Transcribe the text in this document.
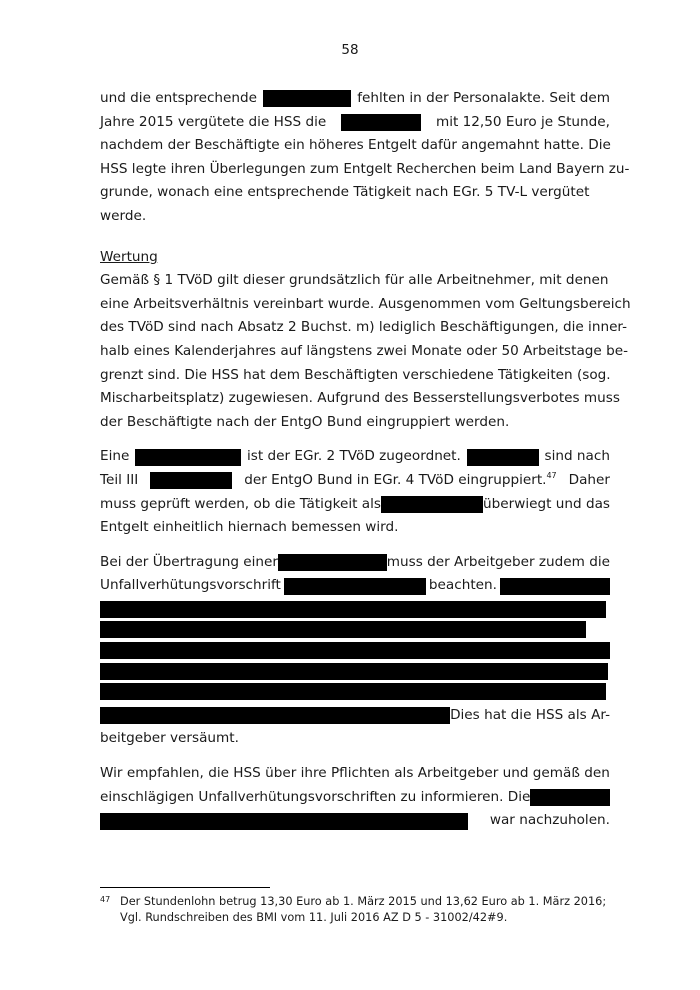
58
und die entsprechende	fehlten in der Personalakte. Seit dem
Jahre 2015 vergütete die HSS die	mit 12,50 Euro je Stunde,
nachdem der Beschäftigte ein höheres Entgelt dafür angemahnt hatte. Die
HSS legte ihren Überlegungen zum Entgelt Recherchen beim Land Bayern zu-
grunde, wonach eine entsprechende Tätigkeit nach EGr. 5 TV-L vergütet
werde.
Wertung
Gemäß § 1 TVöD gilt dieser grundsätzlich für alle Arbeitnehmer, mit denen
eine Arbeitsverhältnis vereinbart wurde. Ausgenommen vom Geltungsbereich
des TVöD sind nach Absatz 2 Buchst. m) lediglich Beschäftigungen, die inner-
halb eines Kalenderjahres auf längstens zwei Monate oder 50 Arbeitstage be-
grenzt sind. Die HSS hat dem Beschäftigten verschiedene Tätigkeiten (sog.
Mischarbeitsplatz) zugewiesen. Aufgrund des Besserstellungsverbotes muss
der Beschäftigte nach der EntgO Bund eingruppiert werden.
Eine	ist der EGr. 2 TVöD zugeordnet.	sind nach
Teil III	der EntgO Bund in EGr. 4 TVöD eingruppiert.$^{47}$ Daher
muss geprüft werden, ob die Tätigkeit als	überwiegt und das
Entgelt einheitlich hiernach bemessen wird.
Bei der Übertragung einer	muss der Arbeitgeber zudem die
Unfallverhütungsvorschrift	beachten.
Dies hat die HSS als Ar-
beitgeber versäumt.
Wir empfahlen, die HSS über ihre Pflichten als Arbeitgeber und gemäß den
einschlägigen Unfallverhütungsvorschriften zu informieren. Die
war nachzuholen.
47 Der Stundenlohn betrug 13,30 Euro ab 1. März 2015 und 13,62 Euro ab 1. März 2016;
Vgl. Rundschreiben des BMI vom 11. Juli 2016 AZ D 5 - 31002/42#9.
